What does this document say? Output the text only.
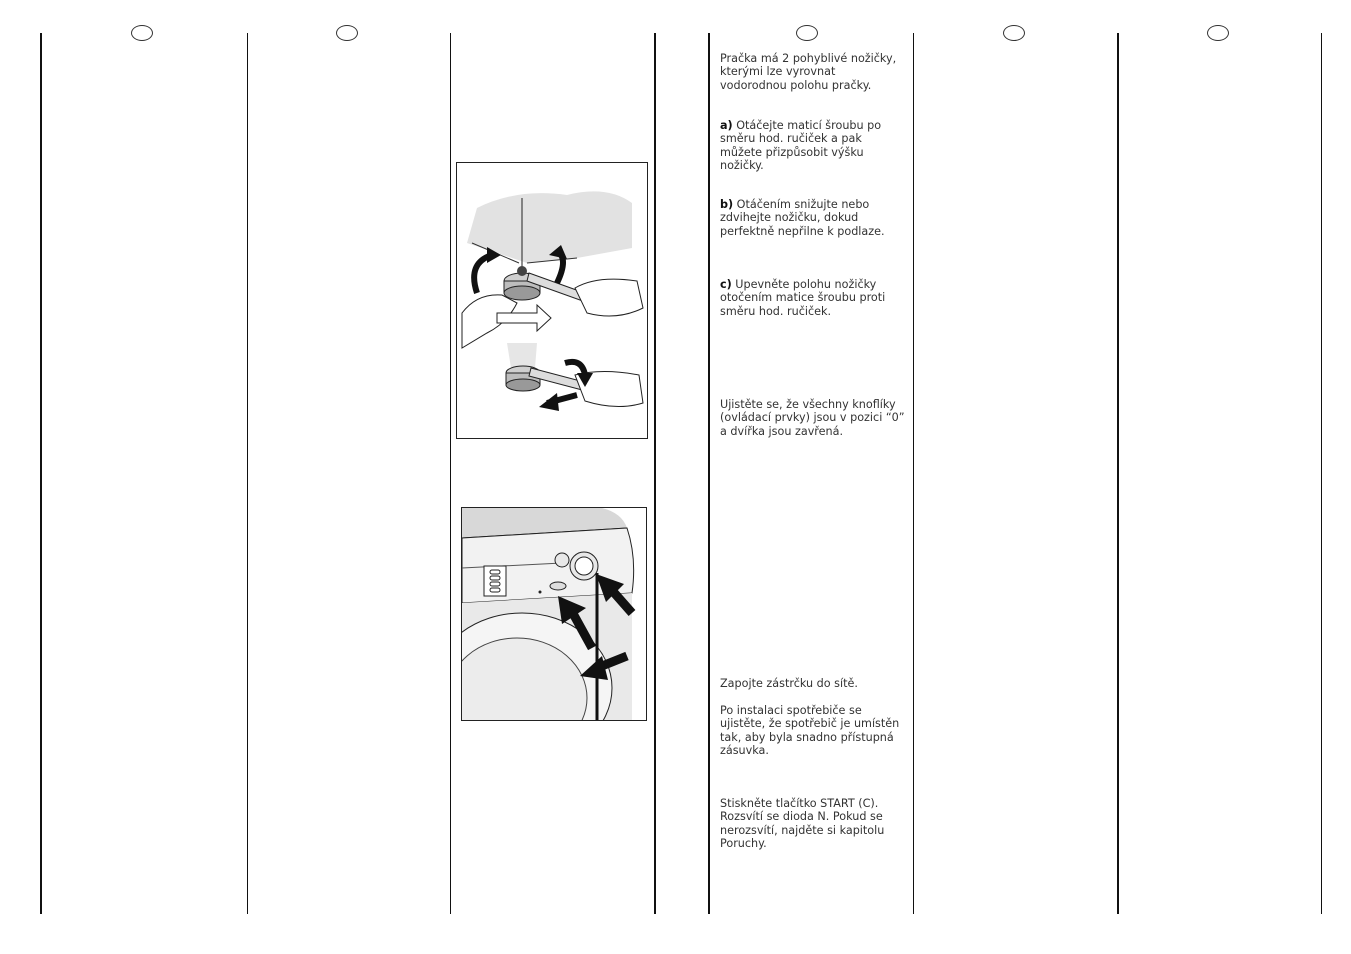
Pračka má 2 pohyblivé nožičky, kterými lze vyrovnat vodorodnou polohu pračky.

a) Otáčejte maticí šroubu po směru hod. ručiček a pak můžete přizpůsobit výšku nožičky.

b) Otáčením snižujte nebo zdvihejte nožičku, dokud perfektně nepřilne k podlaze.

c) Upevněte polohu nožičky otočením matice šroubu proti směru hod. ručiček.

Ujistěte se, že všechny knoflíky (ovládací prvky) jsou v pozici “0” a dvířka jsou zavřená.

Zapojte zástrčku do sítě.

Po instalaci spotřebiče se ujistěte, že spotřebič je umístěn tak, aby byla snadno přístupná zásuvka.

Stiskněte tlačítko START (C). Rozsvítí se dioda N. Pokud se nerozsvítí, najděte si kapitolu Poruchy.
